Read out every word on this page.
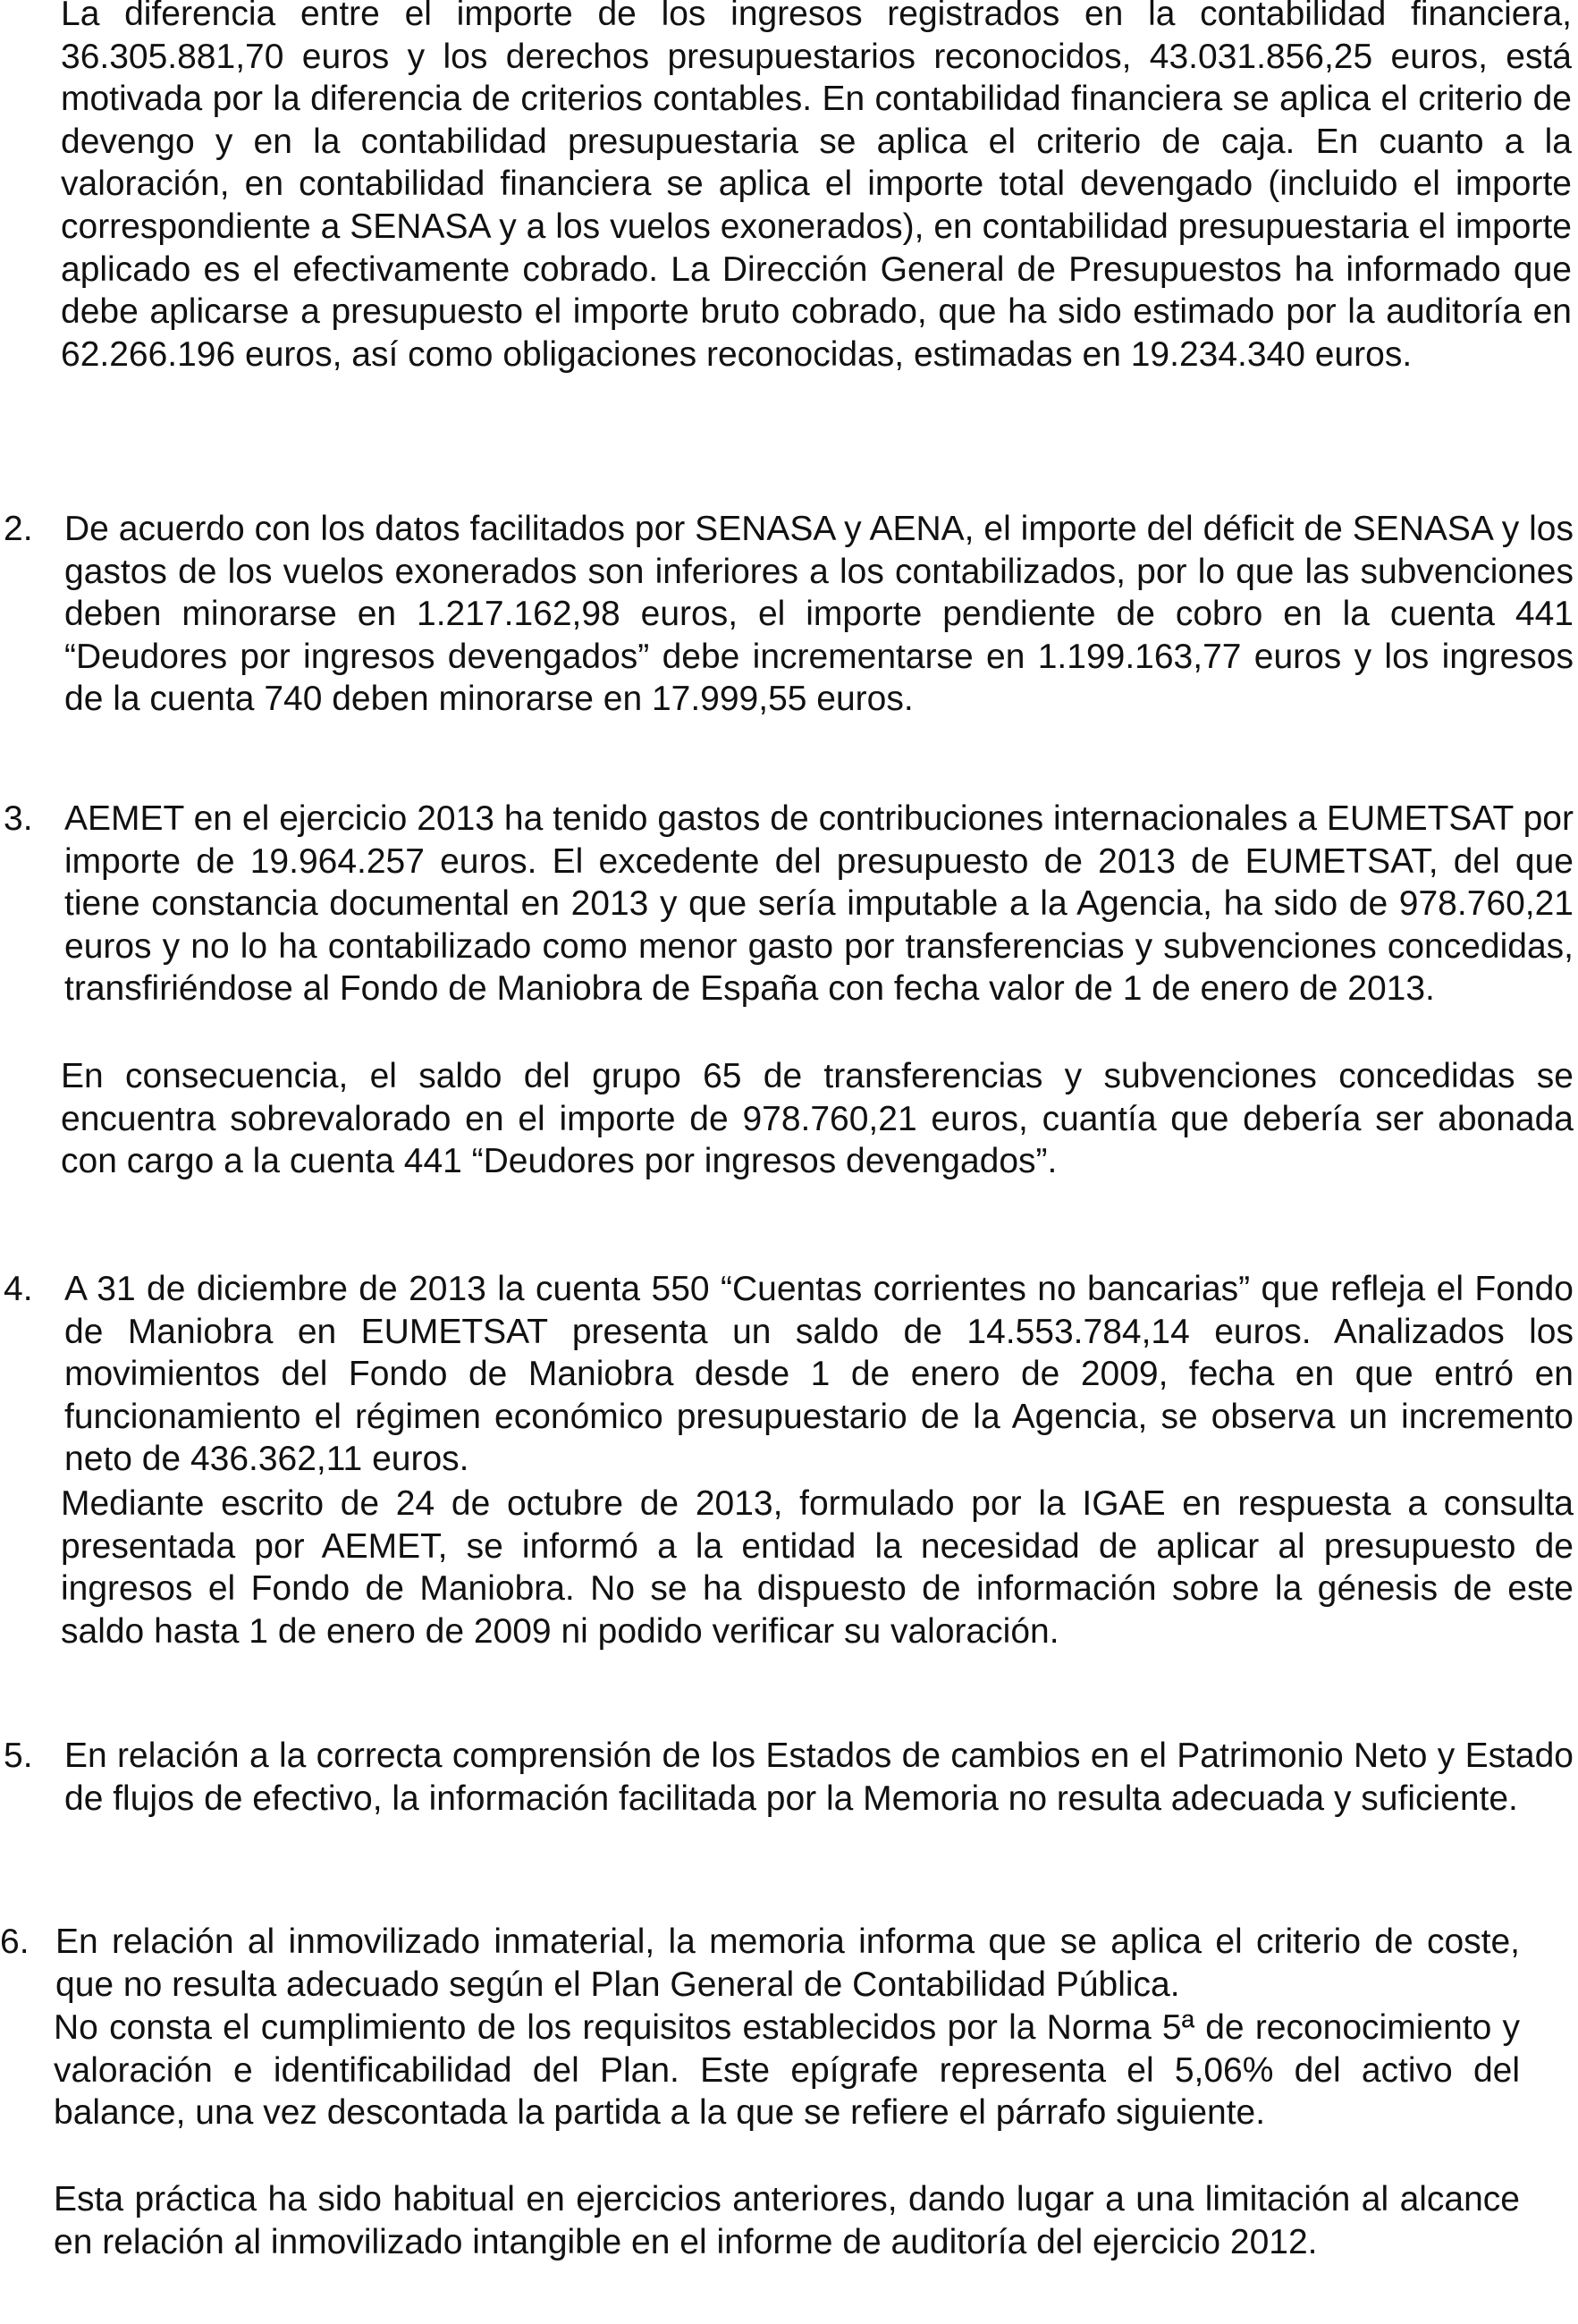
La diferencia entre el importe de los ingresos registrados en la contabilidad financiera, 36.305.881,70 euros y los derechos presupuestarios reconocidos, 43.031.856,25 euros, está motivada por la diferencia de criterios contables. En contabilidad financiera se aplica el criterio de devengo y en la contabilidad presupuestaria se aplica el criterio de caja. En cuanto a la valoración, en contabilidad financiera se aplica el importe total devengado (incluido el importe correspondiente a SENASA y a los vuelos exonerados), en contabilidad presupuestaria el importe aplicado es el efectivamente cobrado. La Dirección General de Presupuestos ha informado que debe aplicarse a presupuesto el importe bruto cobrado, que ha sido estimado por la auditoría en 62.266.196 euros, así como obligaciones reconocidas, estimadas en 19.234.340 euros.

2. De acuerdo con los datos facilitados por SENASA y AENA, el importe del déficit de SENASA y los gastos de los vuelos exonerados son inferiores a los contabilizados, por lo que las subvenciones deben minorarse en 1.217.162,98 euros, el importe pendiente de cobro en la cuenta 441 “Deudores por ingresos devengados” debe incrementarse en 1.199.163,77 euros y los ingresos de la cuenta 740 deben minorarse en 17.999,55 euros.

3. AEMET en el ejercicio 2013 ha tenido gastos de contribuciones internacionales a EUMETSAT por importe de 19.964.257 euros. El excedente del presupuesto de 2013 de EUMETSAT, del que tiene constancia documental en 2013 y que sería imputable a la Agencia, ha sido de 978.760,21 euros y no lo ha contabilizado como menor gasto por transferencias y subvenciones concedidas, transfiriéndose al Fondo de Maniobra de España con fecha valor de 1 de enero de 2013.

En consecuencia, el saldo del grupo 65 de transferencias y subvenciones concedidas se encuentra sobrevalorado en el importe de 978.760,21 euros, cuantía que debería ser abonada con cargo a la cuenta 441 “Deudores por ingresos devengados”.

4. A 31 de diciembre de 2013 la cuenta 550 “Cuentas corrientes no bancarias” que refleja el Fondo de Maniobra en EUMETSAT presenta un saldo de 14.553.784,14 euros. Analizados los movimientos del Fondo de Maniobra desde 1 de enero de 2009, fecha en que entró en funcionamiento el régimen económico presupuestario de la Agencia, se observa un incremento neto de 436.362,11 euros.

Mediante escrito de 24 de octubre de 2013, formulado por la IGAE en respuesta a consulta presentada por AEMET, se informó a la entidad la necesidad de aplicar al presupuesto de ingresos el Fondo de Maniobra. No se ha dispuesto de información sobre la génesis de este saldo hasta 1 de enero de 2009 ni podido verificar su valoración.

5. En relación a la correcta comprensión de los Estados de cambios en el Patrimonio Neto y Estado de flujos de efectivo, la información facilitada por la Memoria no resulta adecuada y suficiente.

6. En relación al inmovilizado inmaterial, la memoria informa que se aplica el criterio de coste, que no resulta adecuado según el Plan General de Contabilidad Pública.

No consta el cumplimiento de los requisitos establecidos por la Norma 5ª de reconocimiento y valoración e identificabilidad del Plan. Este epígrafe representa el 5,06% del activo del balance, una vez descontada la partida a la que se refiere el párrafo siguiente.

Esta práctica ha sido habitual en ejercicios anteriores, dando lugar a una limitación al alcance en relación al inmovilizado intangible en el informe de auditoría del ejercicio 2012.
